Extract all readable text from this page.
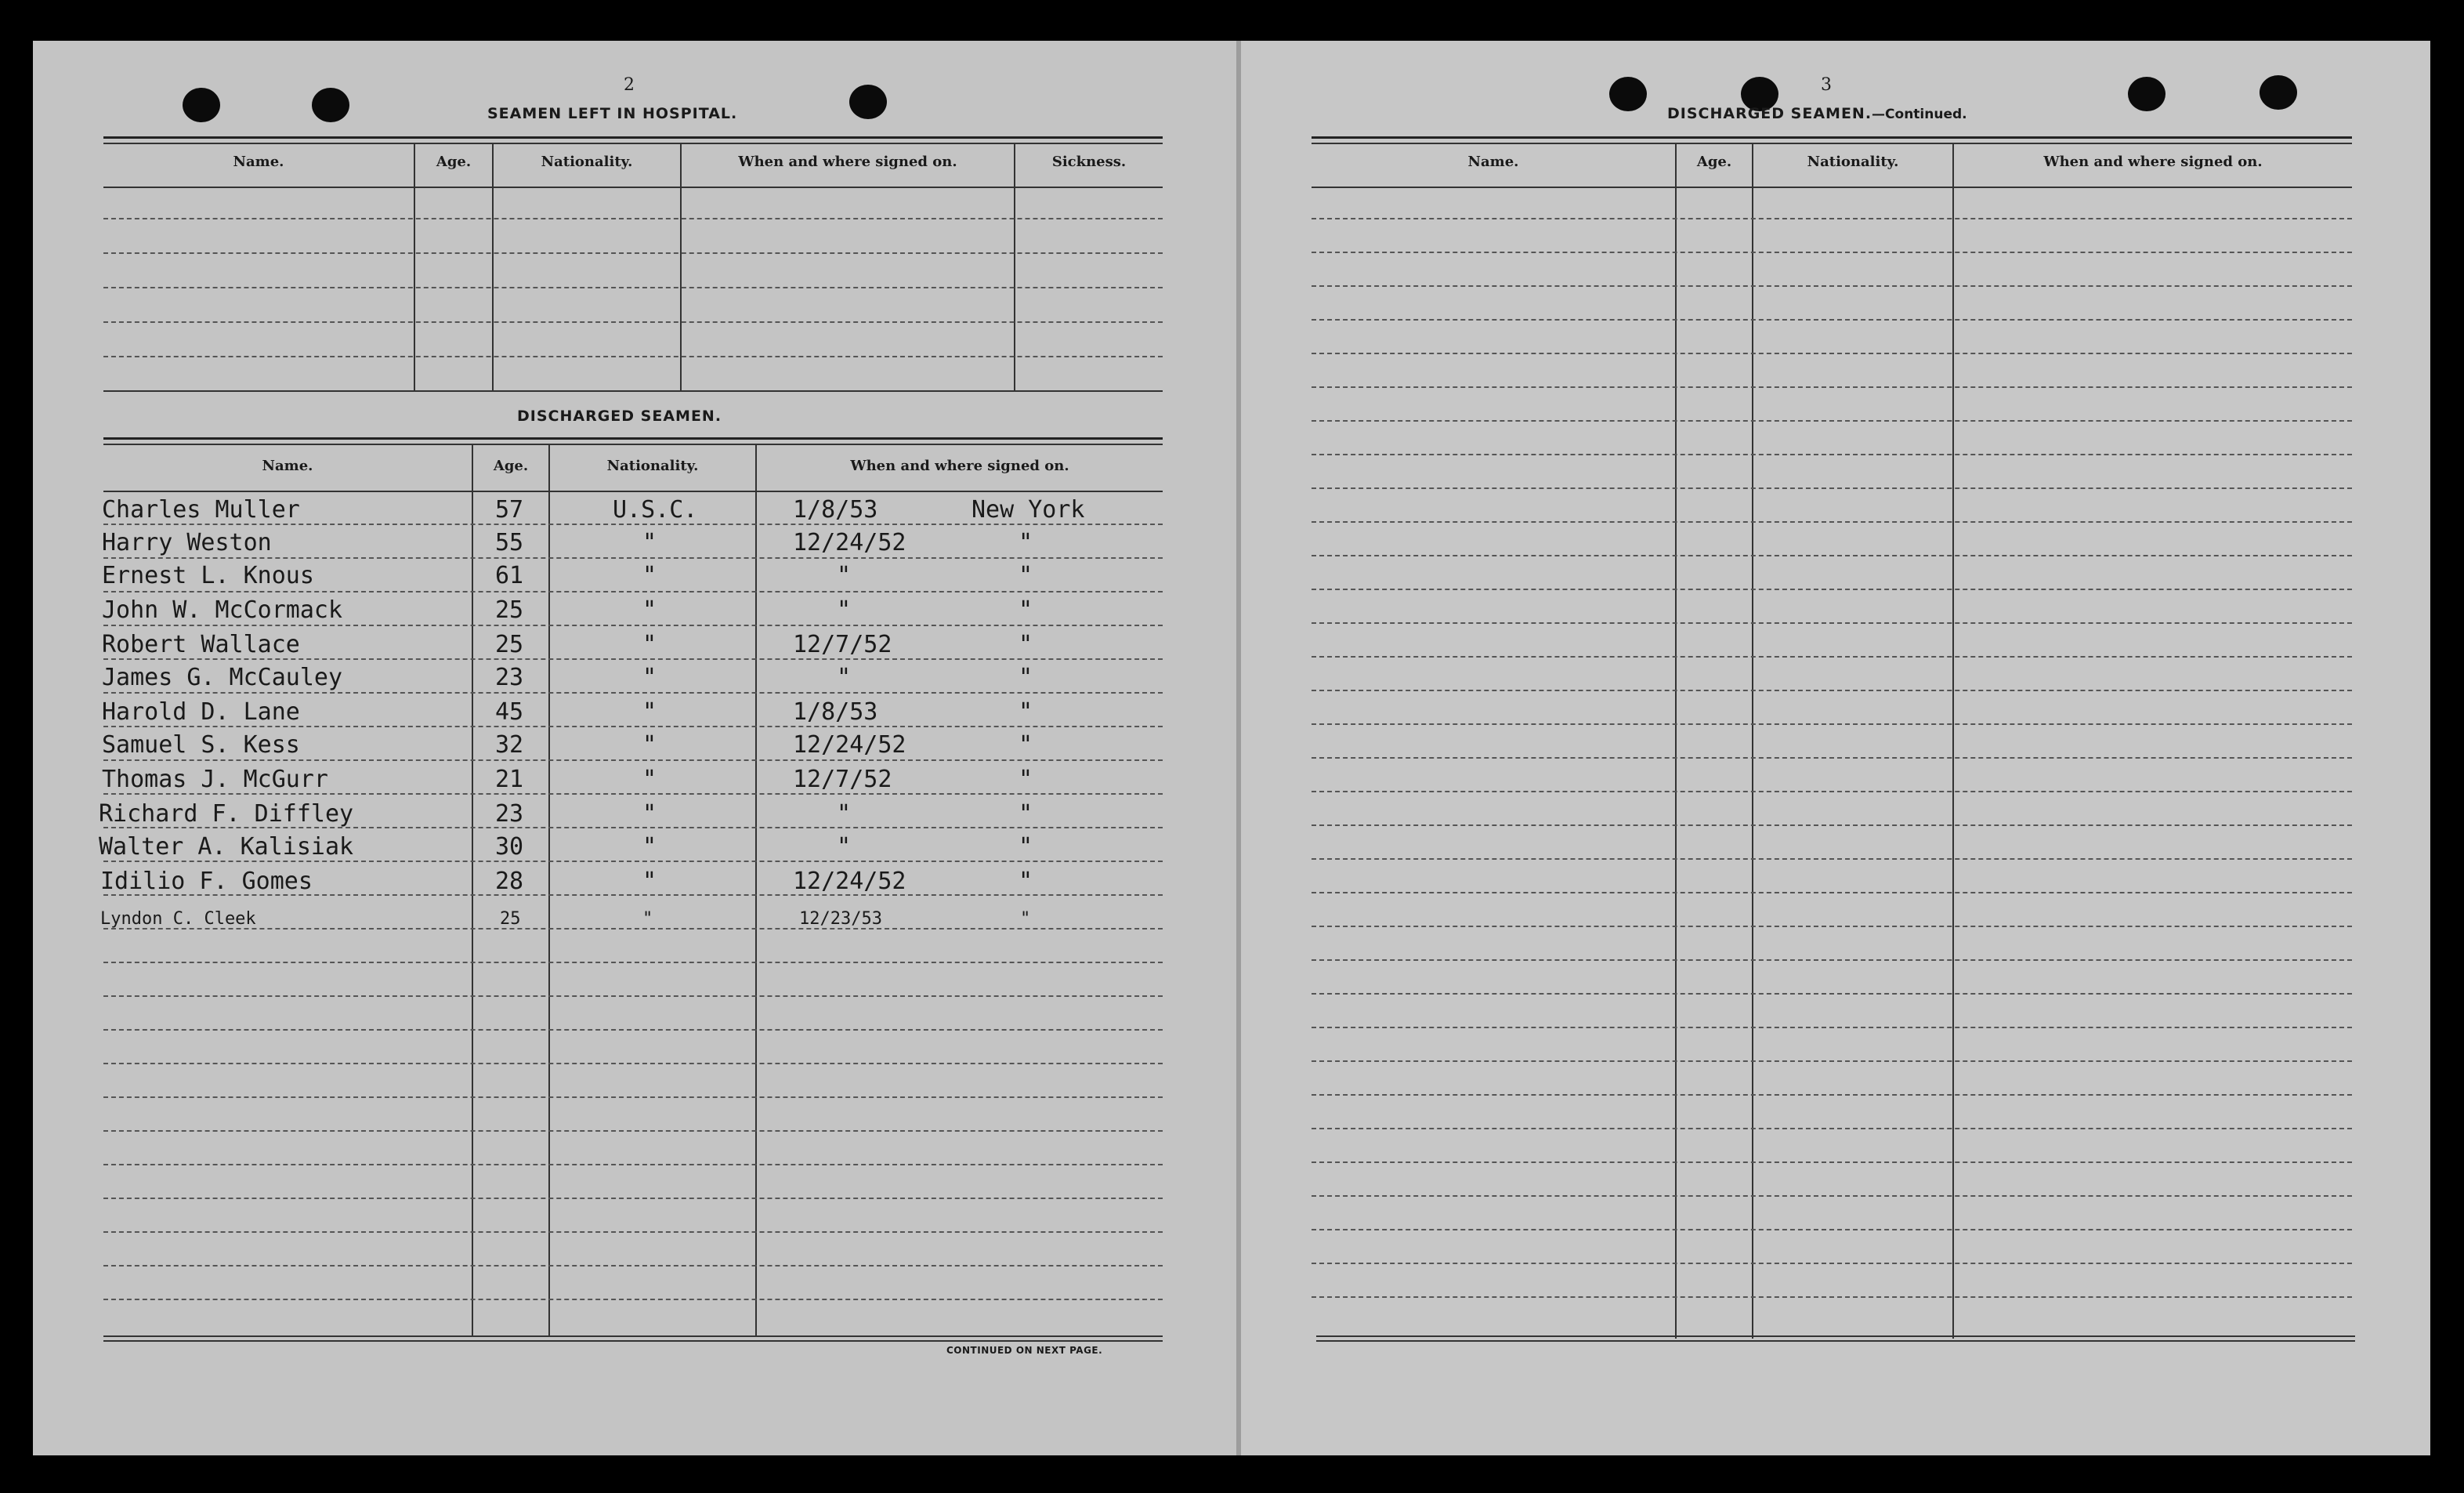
2
SEAMEN LEFT IN HOSPITAL.
Name.	Age.	Nationality.	When and where signed on.	Sickness.
DISCHARGED SEAMEN.
Name.	Age.	Nationality.	When and where signed on.
CONTINUED ON NEXT PAGE.
Charles Muller	57	U.S.C.	1/8/53	New York
Harry Weston	55	"	12/24/52	"
Ernest L. Knous	61	"	"	"
John W. McCormack	25	"	"	"
Robert Wallace	25	"	12/7/52	"
James G. McCauley	23	"	"	"
Harold D. Lane	45	"	1/8/53	"
Samuel S. Kess	32	"	12/24/52	"
Thomas J. McGurr	21	"	12/7/52	"
Richard F. Diffley	23	"	"	"
Walter A. Kalisiak	30	"	"	"
Idilio F. Gomes	28	"	12/24/52	"
Lyndon C. Cleek	25	"	12/23/53	"
3
DISCHARGED SEAMEN.—Continued.
Name.	Age.	Nationality.	When and where signed on.
